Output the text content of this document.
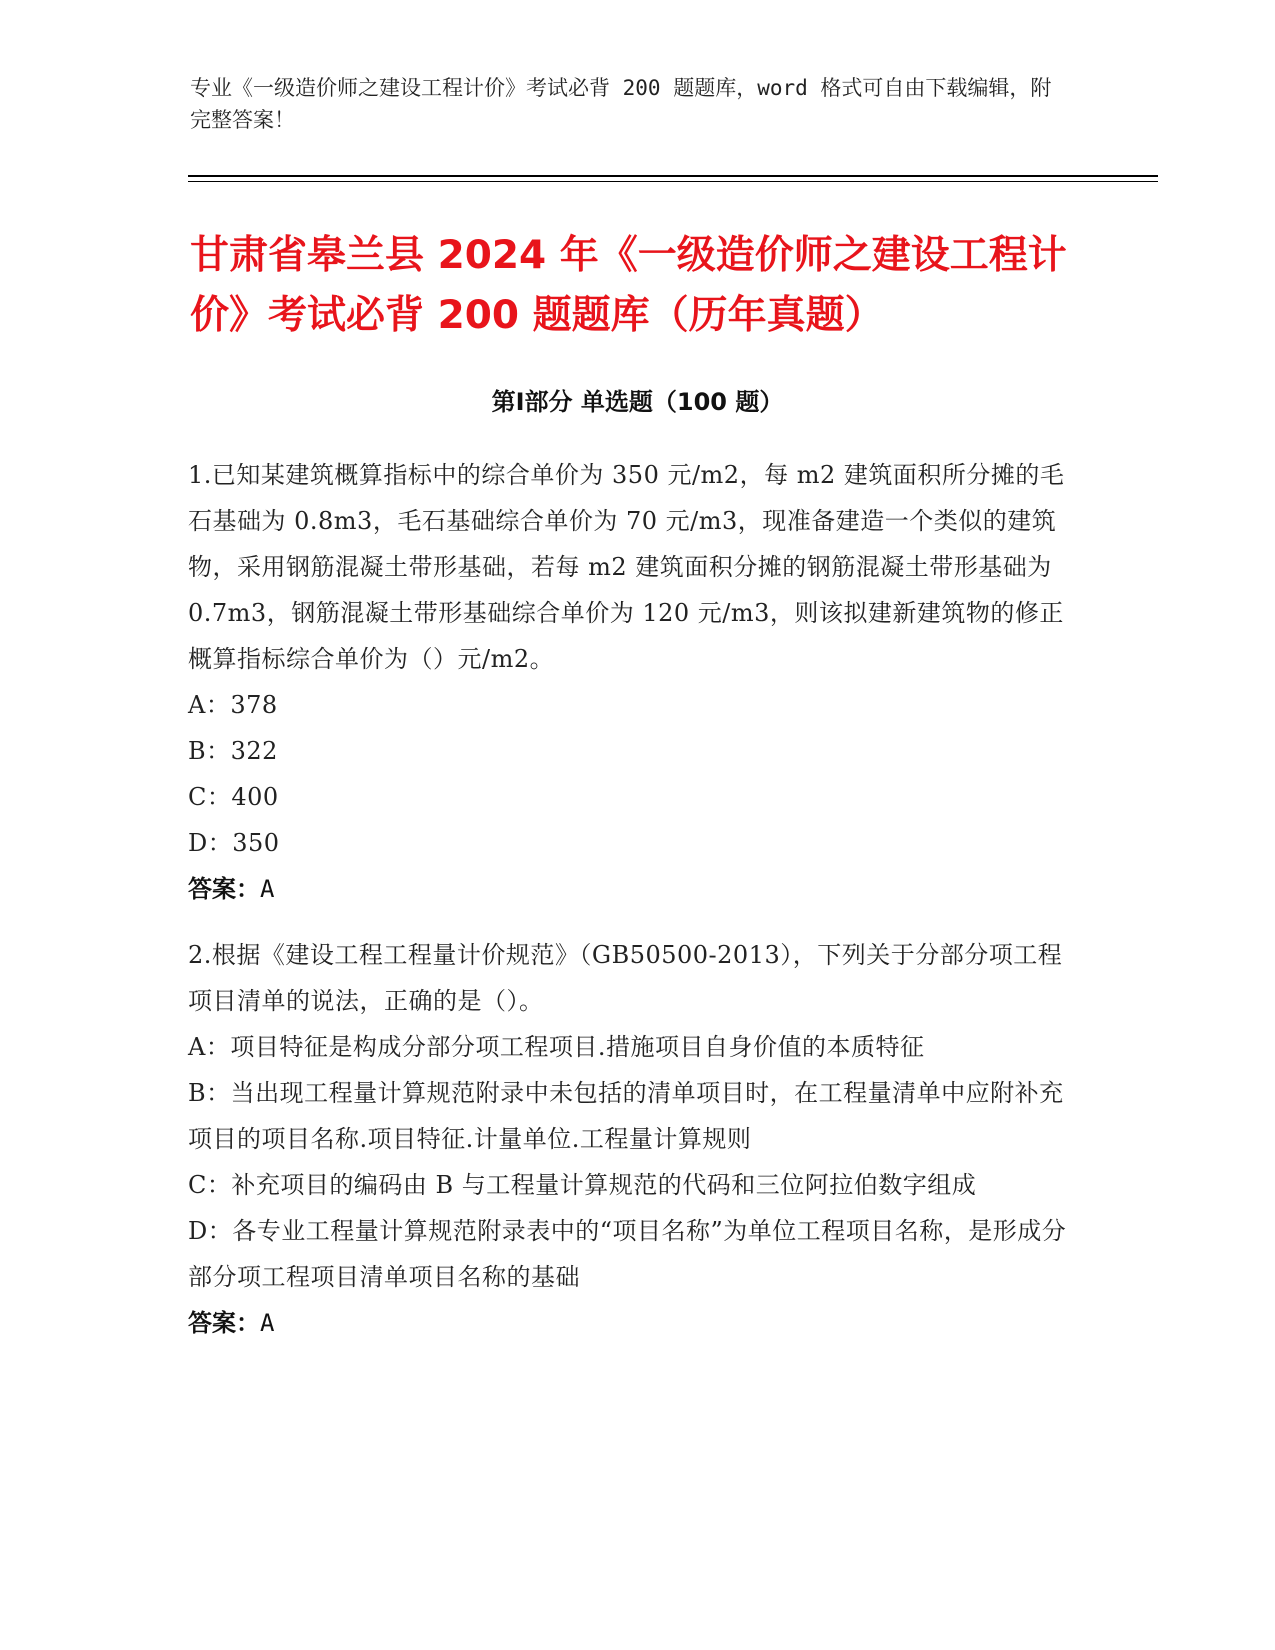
专业《一级造价师之建设工程计价》考试必背 200 题题库，word 格式可自由下载编辑，附完整答案！
甘肃省皋兰县 2024 年《一级造价师之建设工程计价》考试必背 200 题题库（历年真题）
第Ⅰ部分 单选题（100 题）
1.已知某建筑概算指标中的综合单价为 350 元/m2，每 m2 建筑面积所分摊的毛石基础为 0.8m3，毛石基础综合单价为 70 元/m3，现准备建造一个类似的建筑物，采用钢筋混凝土带形基础，若每 m2 建筑面积分摊的钢筋混凝土带形基础为 0.7m3，钢筋混凝土带形基础综合单价为 120 元/m3，则该拟建新建筑物的修正概算指标综合单价为（）元/m2。
A：378
B：322
C：400
D：350
答案：A
2.根据《建设工程工程量计价规范》（GB50500-2013），下列关于分部分项工程项目清单的说法，正确的是（）。
A：项目特征是构成分部分项工程项目.措施项目自身价值的本质特征
B：当出现工程量计算规范附录中未包括的清单项目时，在工程量清单中应附补充项目的项目名称.项目特征.计量单位.工程量计算规则
C：补充项目的编码由 B 与工程量计算规范的代码和三位阿拉伯数字组成
D：各专业工程量计算规范附录表中的“项目名称”为单位工程项目名称，是形成分部分项工程项目清单项目名称的基础
答案：A
